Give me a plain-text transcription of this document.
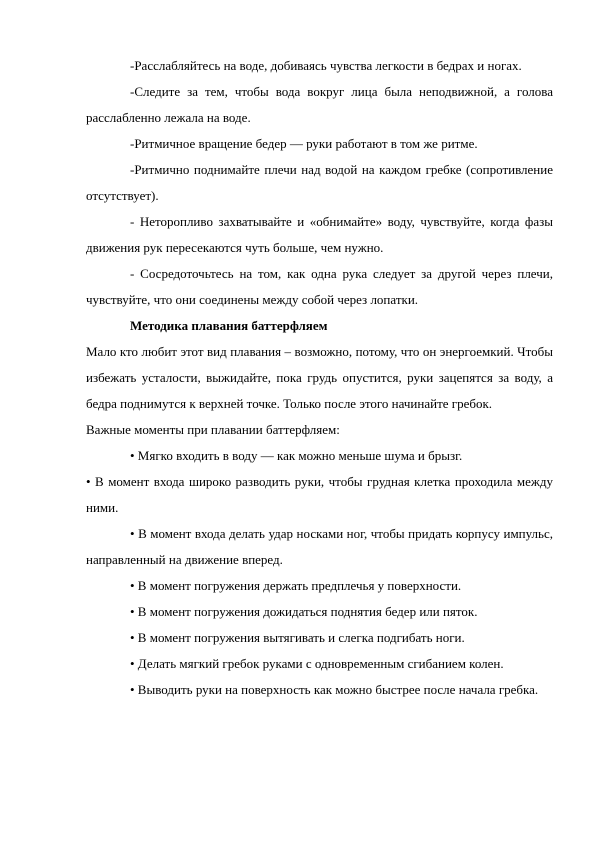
-Расслабляйтесь на воде, добиваясь чувства легкости в бедрах и ногах.

-Следите за тем, чтобы вода вокруг лица была неподвижной, а голова расслабленно лежала на воде.

-Ритмичное вращение бедер — руки работают в том же ритме.

-Ритмично поднимайте плечи над водой на каждом гребке (сопротивление отсутствует).

- Неторопливо захватывайте и «обнимайте» воду, чувствуйте, когда фазы движения рук пересекаются чуть больше, чем нужно.

- Сосредоточьтесь на том, как одна рука следует за другой через плечи, чувствуйте, что они соединены между собой через лопатки.

Методика плавания баттерфляем

Мало кто любит этот вид плавания – возможно, потому, что он энергоемкий. Чтобы избежать усталости, выжидайте, пока грудь опустится, руки зацепятся за воду, а бедра поднимутся к верхней точке. Только после этого начинайте гребок.

Важные моменты при плавании баттерфляем:

• Мягко входить в воду — как можно меньше шума и брызг.

• В момент входа широко разводить руки, чтобы грудная клетка проходила между ними.

• В момент входа делать удар носками ног, чтобы придать корпусу импульс, направленный на движение вперед.

• В момент погружения держать предплечья у поверхности.

• В момент погружения дожидаться поднятия бедер или пяток.

• В момент погружения вытягивать и слегка подгибать ноги.

• Делать мягкий гребок руками с одновременным сгибанием колен.

• Выводить руки на поверхность как можно быстрее после начала гребка.
